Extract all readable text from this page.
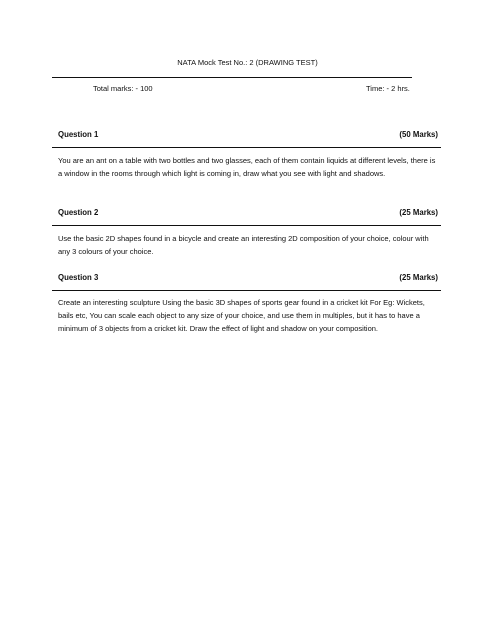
NATA Mock Test No.: 2 (DRAWING TEST)
Total marks: - 100	Time: - 2 hrs.
Question 1	(50 Marks)
You are an ant on a table with two bottles and two glasses, each of them contain liquids at different levels, there is a window in the rooms through which light is coming in, draw what you see with light and shadows.
Question 2	(25 Marks)
Use the basic 2D shapes found in a bicycle and create an interesting 2D composition of your choice, colour with any 3 colours of your choice.
Question 3	(25 Marks)
Create an interesting sculpture Using the basic 3D shapes of sports gear found in a cricket kit For Eg: Wickets, bails etc, You can scale each object to any size of your choice, and use them in multiples, but it has to have a minimum of 3 objects from a cricket kit. Draw the effect of light and shadow on your composition.
